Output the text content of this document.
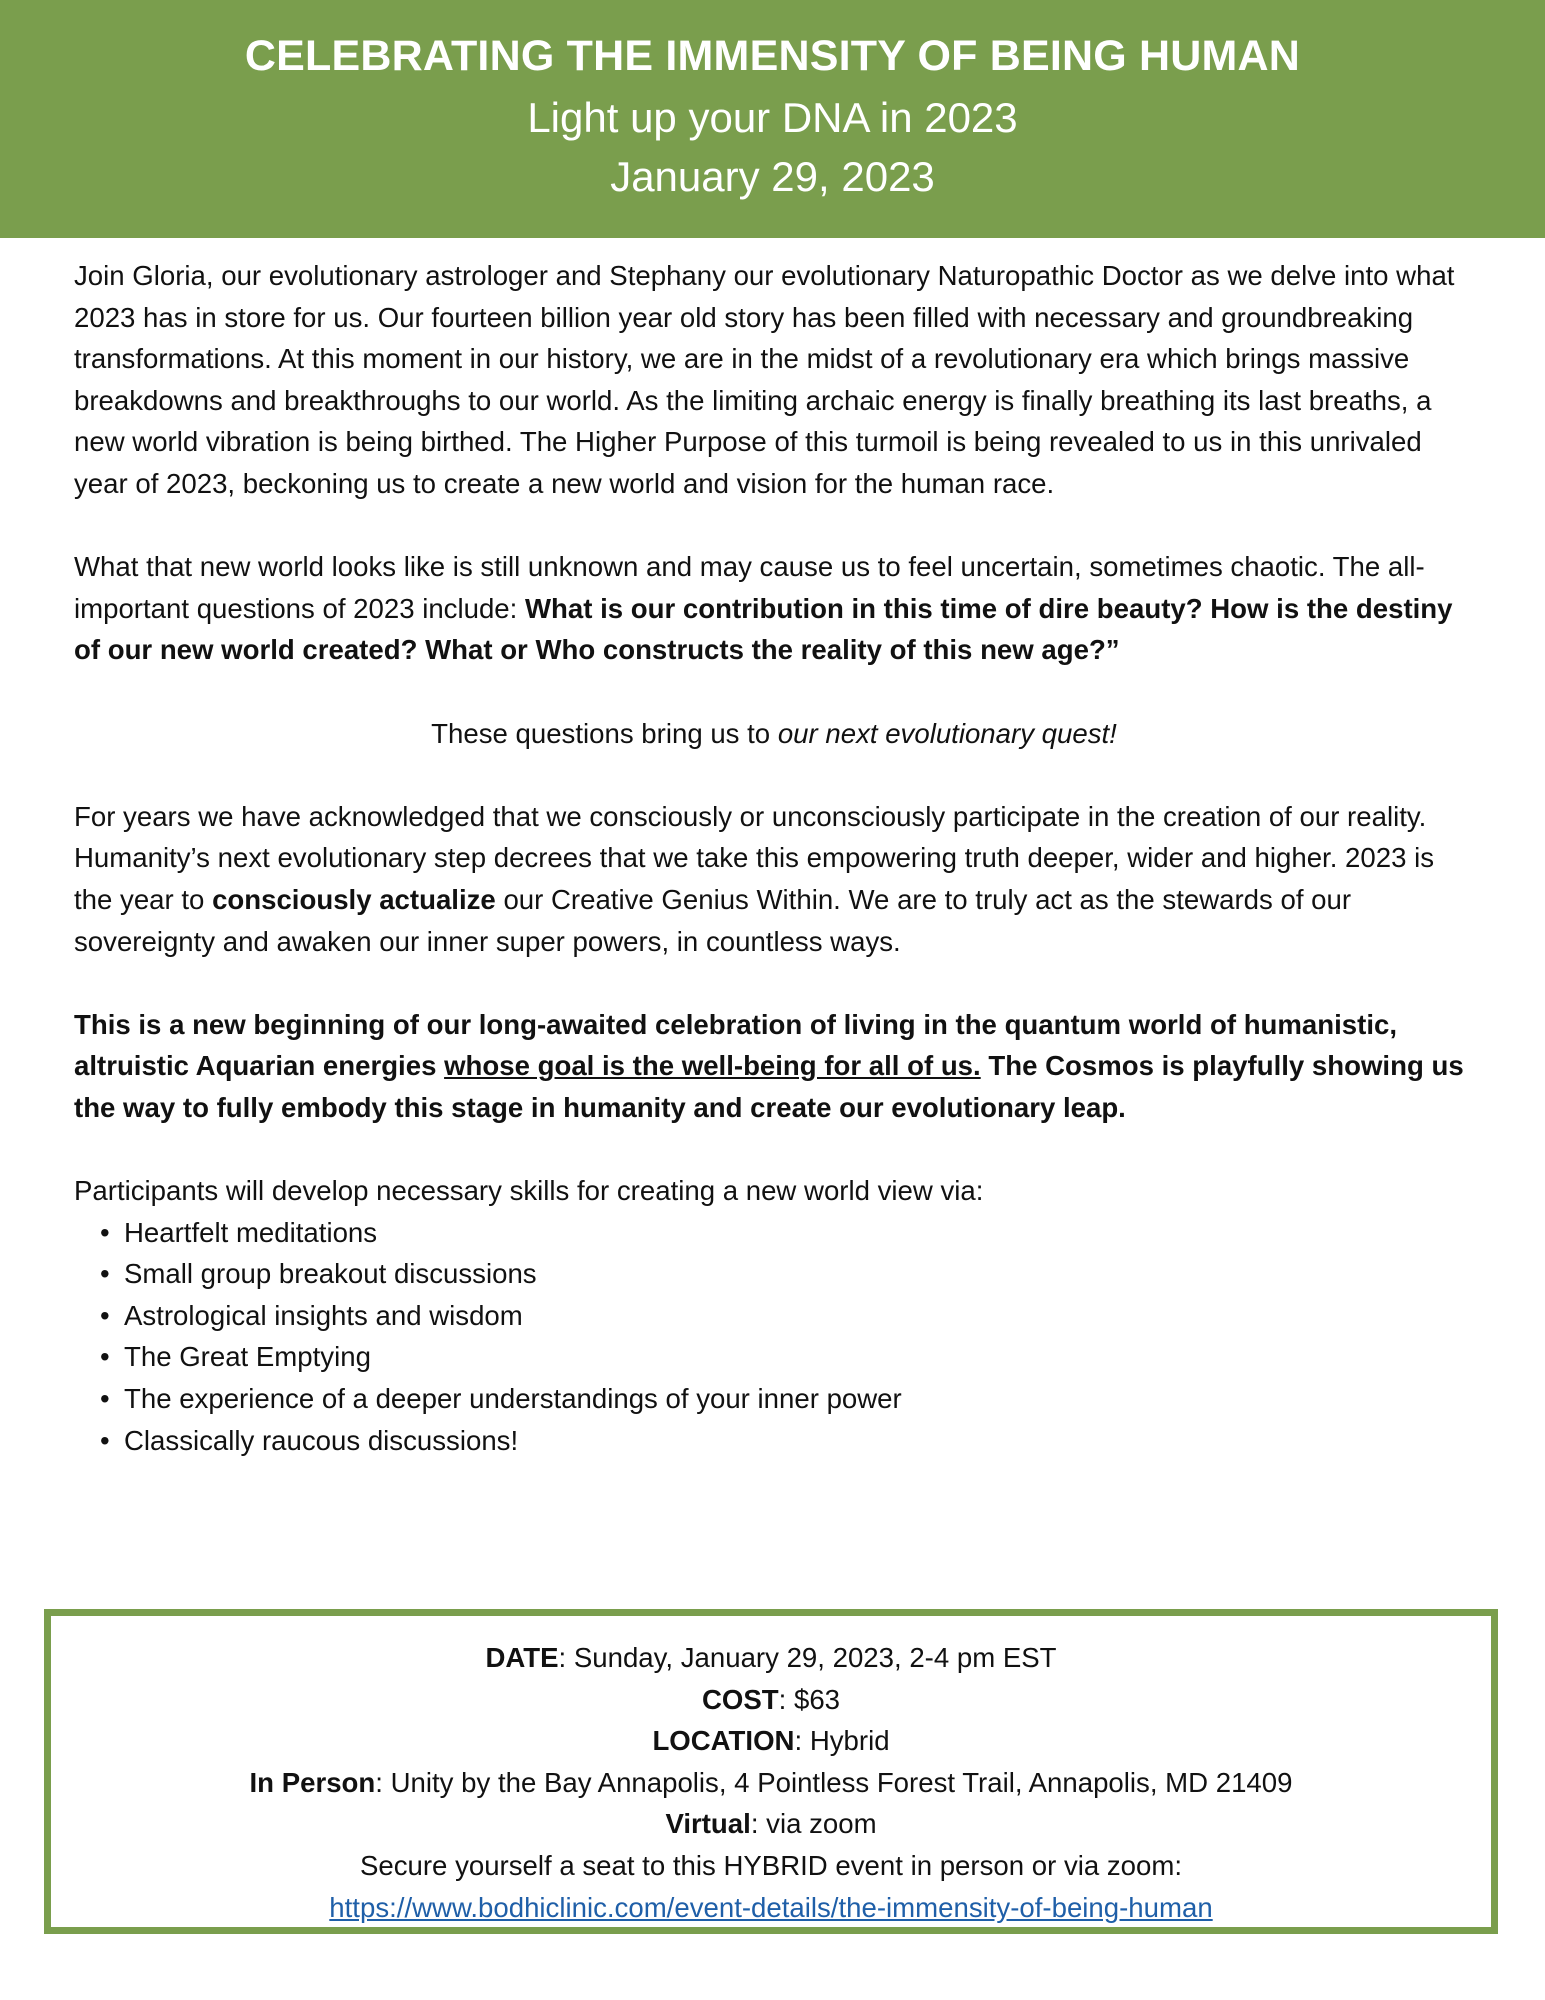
CELEBRATING THE IMMENSITY OF BEING HUMAN
Light up your DNA in 2023
January 29, 2023

Join Gloria, our evolutionary astrologer and Stephany our evolutionary Naturopathic Doctor as we delve into what 2023 has in store for us. Our fourteen billion year old story has been filled with necessary and groundbreaking transformations. At this moment in our history, we are in the midst of a revolutionary era which brings massive breakdowns and breakthroughs to our world. As the limiting archaic energy is finally breathing its last breaths, a new world vibration is being birthed. The Higher Purpose of this turmoil is being revealed to us in this unrivaled year of 2023, beckoning us to create a new world and vision for the human race.

What that new world looks like is still unknown and may cause us to feel uncertain, sometimes chaotic. The all-important questions of 2023 include: What is our contribution in this time of dire beauty? How is the destiny of our new world created? What or Who constructs the reality of this new age?”

These questions bring us to our next evolutionary quest!

For years we have acknowledged that we consciously or unconsciously participate in the creation of our reality. Humanity’s next evolutionary step decrees that we take this empowering truth deeper, wider and higher. 2023 is the year to consciously actualize our Creative Genius Within. We are to truly act as the stewards of our sovereignty and awaken our inner super powers, in countless ways.

This is a new beginning of our long-awaited celebration of living in the quantum world of humanistic, altruistic Aquarian energies whose goal is the well-being for all of us. The Cosmos is playfully showing us the way to fully embody this stage in humanity and create our evolutionary leap.

Participants will develop necessary skills for creating a new world view via:
• Heartfelt meditations
• Small group breakout discussions
• Astrological insights and wisdom
• The Great Emptying
• The experience of a deeper understandings of your inner power
• Classically raucous discussions!
DATE: Sunday, January 29, 2023, 2-4 pm EST
COST: $63
LOCATION: Hybrid
In Person: Unity by the Bay Annapolis, 4 Pointless Forest Trail, Annapolis, MD 21409
Virtual: via zoom
Secure yourself a seat to this HYBRID event in person or via zoom:
https://www.bodhiclinic.com/event-details/the-immensity-of-being-human
